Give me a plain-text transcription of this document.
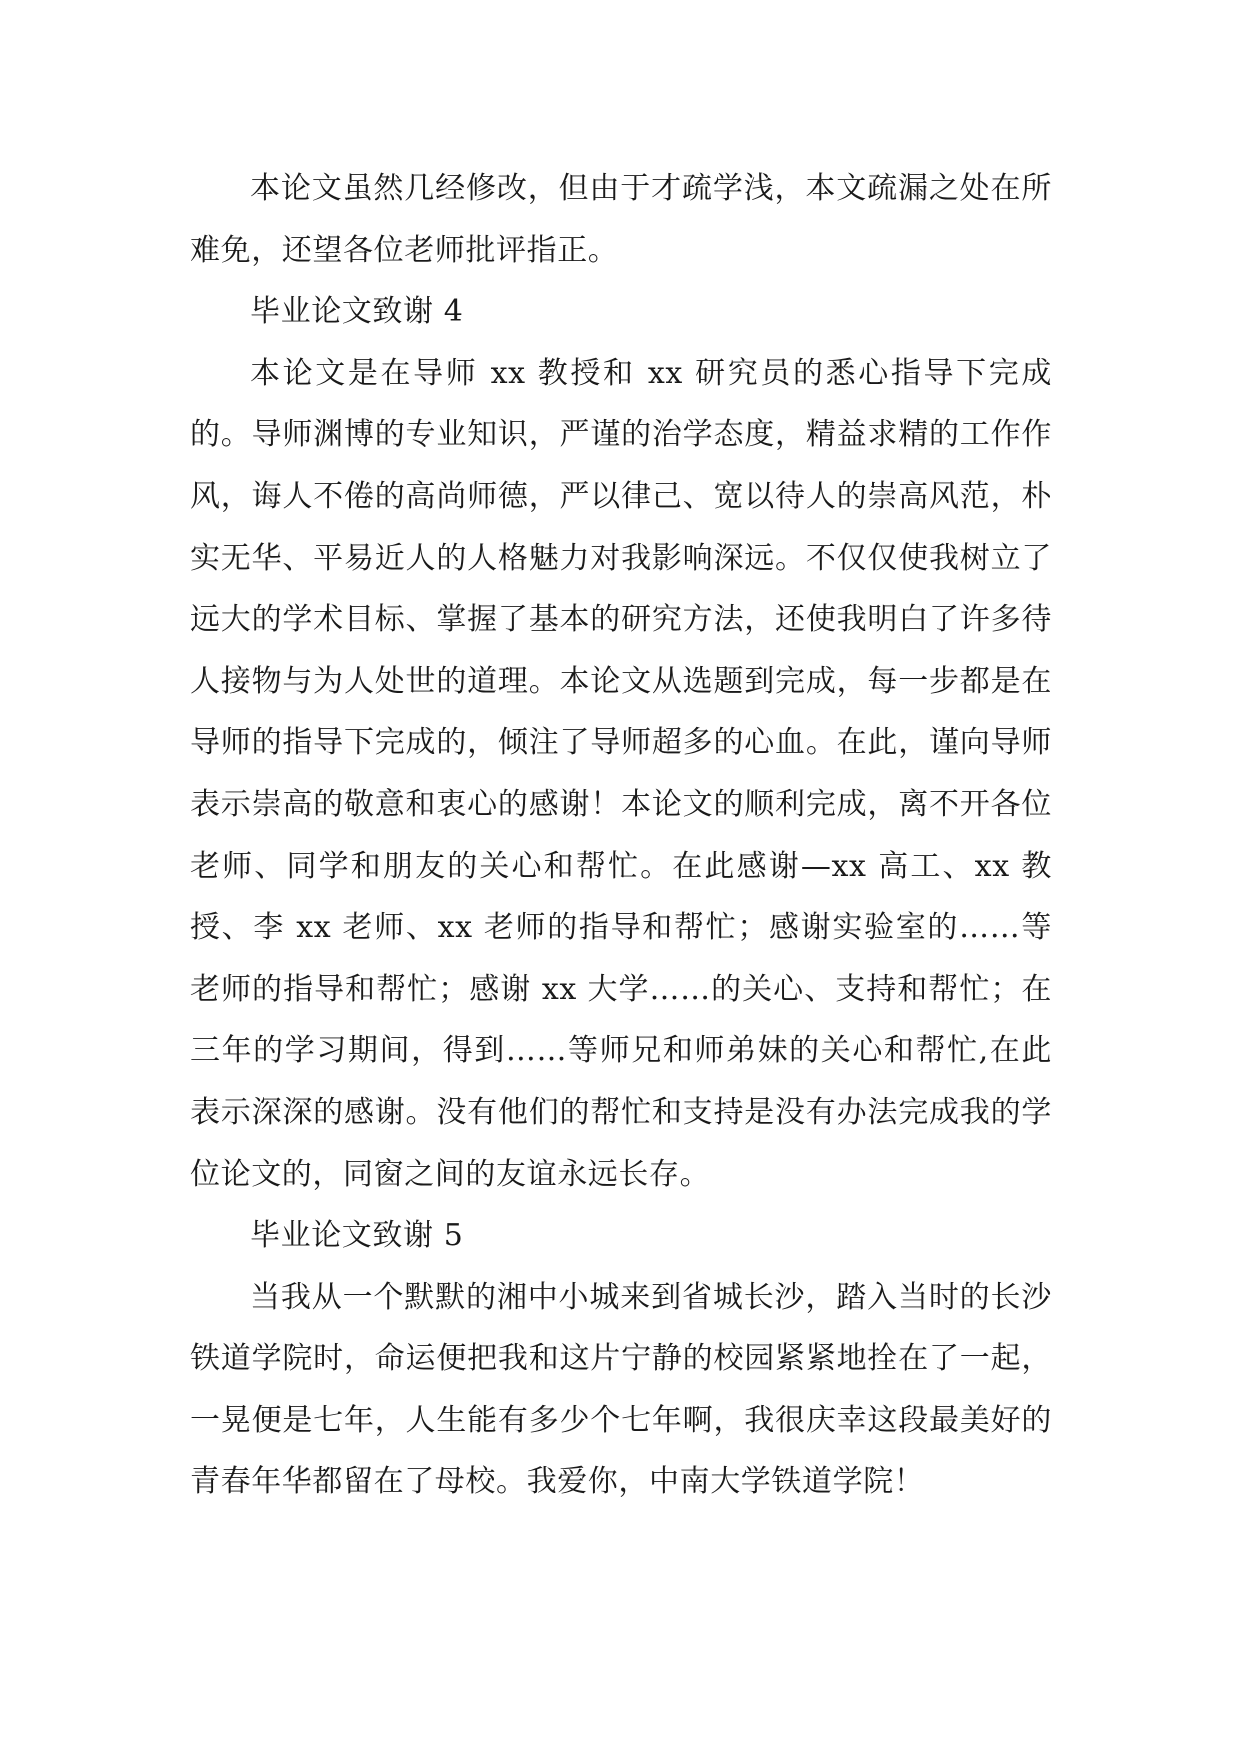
本论文虽然几经修改，但由于才疏学浅，本文疏漏之处在所难免，还望各位老师批评指正。

毕业论文致谢 4

本论文是在导师 xx 教授和 xx 研究员的悉心指导下完成的。导师渊博的专业知识，严谨的治学态度，精益求精的工作作风，诲人不倦的高尚师德，严以律己、宽以待人的崇高风范，朴实无华、平易近人的人格魅力对我影响深远。不仅仅使我树立了远大的学术目标、掌握了基本的研究方法，还使我明白了许多待人接物与为人处世的道理。本论文从选题到完成，每一步都是在导师的指导下完成的，倾注了导师超多的心血。在此，谨向导师表示崇高的敬意和衷心的感谢！本论文的顺利完成，离不开各位老师、同学和朋友的关心和帮忙。在此感谢—xx 高工、xx 教授、李 xx 老师、xx 老师的指导和帮忙；感谢实验室的……等老师的指导和帮忙；感谢 xx 大学……的关心、支持和帮忙；在三年的学习期间，得到……等师兄和师弟妹的关心和帮忙,在此表示深深的感谢。没有他们的帮忙和支持是没有办法完成我的学位论文的，同窗之间的友谊永远长存。

毕业论文致谢 5

当我从一个默默的湘中小城来到省城长沙，踏入当时的长沙铁道学院时，命运便把我和这片宁静的校园紧紧地拴在了一起，一晃便是七年，人生能有多少个七年啊，我很庆幸这段最美好的青春年华都留在了母校。我爱你，中南大学铁道学院！
